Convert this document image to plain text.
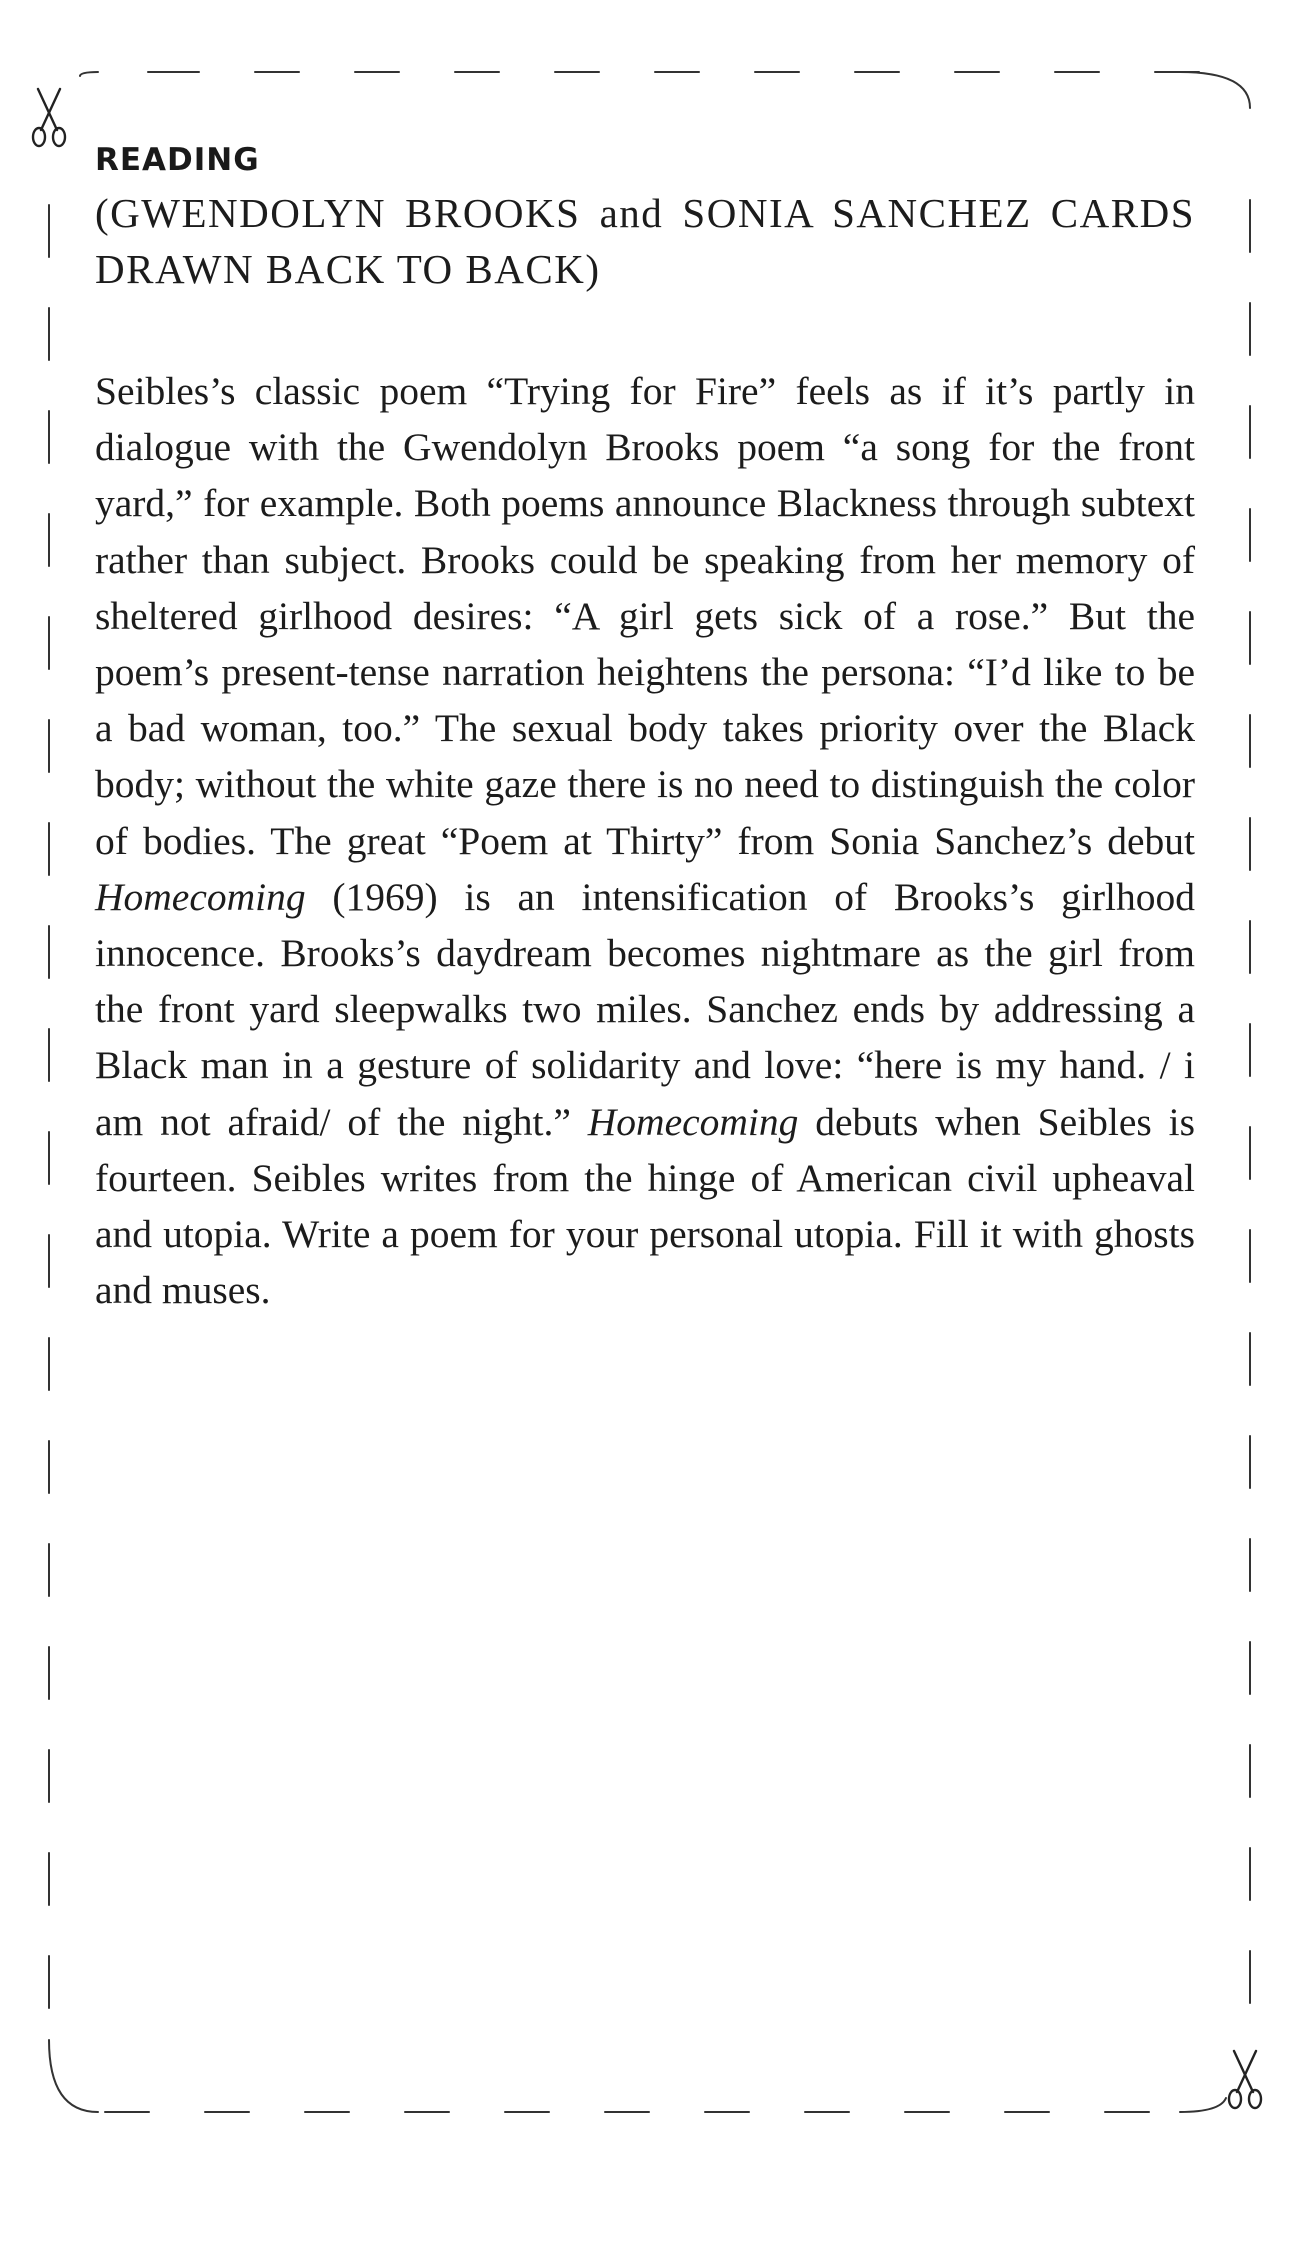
READING

(GWENDOLYN BROOKS and SONIA SANCHEZ CARDS DRAWN BACK TO BACK)

Seibles’s classic poem “Trying for Fire” feels as if it’s partly in dialogue with the Gwendolyn Brooks poem “a song for the front yard,” for example. Both poems announce Blackness through subtext rather than subject. Brooks could be speaking from her memory of sheltered girlhood desires: “A girl gets sick of a rose.” But the poem’s present-tense narration heightens the persona: “I’d like to be a bad woman, too.” The sexual body takes priority over the Black body; without the white gaze there is no need to distinguish the color of bodies. The great “Poem at Thirty” from Sonia Sanchez’s debut Homecoming (1969) is an intensification of Brooks’s girlhood innocence. Brooks’s daydream becomes nightmare as the girl from the front yard sleepwalks two miles. Sanchez ends by addressing a Black man in a gesture of solidarity and love: “here is my hand. / i am not afraid/ of the night.” Homecoming debuts when Seibles is fourteen. Seibles writes from the hinge of American civil upheaval and utopia. Write a poem for your personal utopia. Fill it with ghosts and muses.
